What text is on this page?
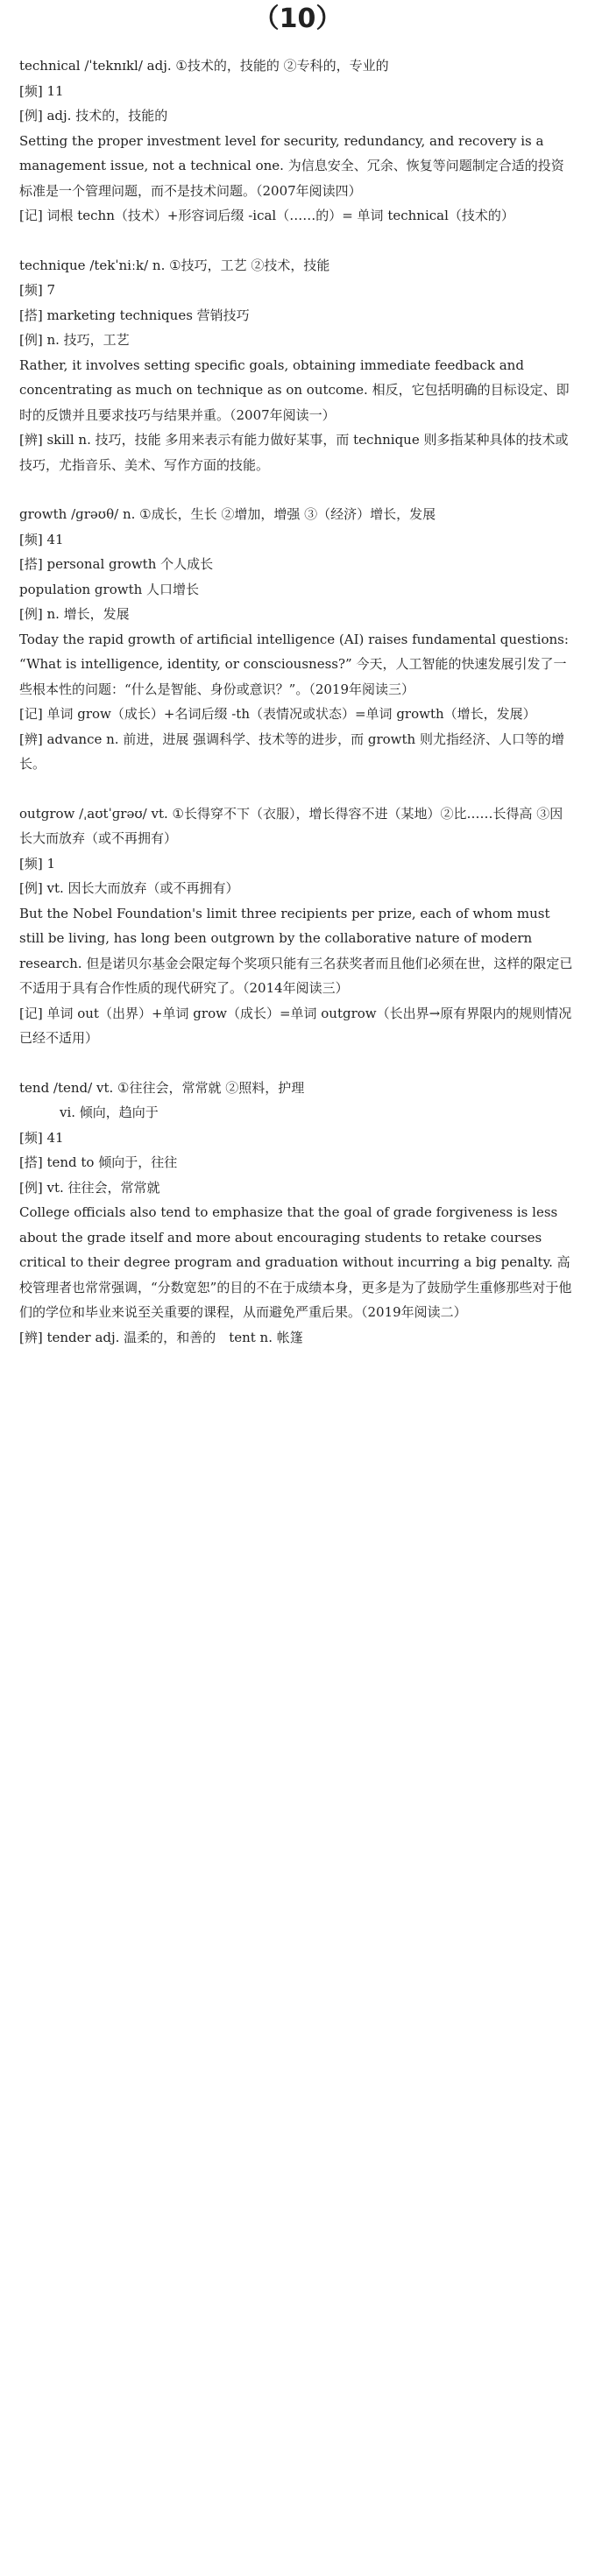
（10）

technical /ˈteknɪkl/ adj. ①技术的，技能的 ②专科的，专业的

[频] 11

[例] adj. 技术的，技能的

Setting the proper investment level for security, redundancy, and recovery is a management issue, not a technical one. 为信息安全、冗余、恢复等问题制定合适的投资标准是一个管理问题，而不是技术问题。（2007年阅读四）

[记] 词根 techn（技术）+形容词后缀 -ical（……的）= 单词 technical（技术的）

technique /tekˈniːk/ n. ①技巧，工艺 ②技术，技能

[频] 7

[搭] marketing techniques 营销技巧

[例] n. 技巧，工艺

Rather, it involves setting specific goals, obtaining immediate feedback and concentrating as much on technique as on outcome. 相反，它包括明确的目标设定、即时的反馈并且要求技巧与结果并重。（2007年阅读一）

[辨] skill n. 技巧，技能 多用来表示有能力做好某事，而 technique 则多指某种具体的技术或技巧，尤指音乐、美术、写作方面的技能。

growth /ɡrəʊθ/ n. ①成长，生长 ②增加，增强 ③（经济）增长，发展

[频] 41

[搭] personal growth 个人成长

population growth 人口增长

[例] n. 增长，发展

Today the rapid growth of artificial intelligence (AI) raises fundamental questions: “What is intelligence, identity, or consciousness?” 今天，人工智能的快速发展引发了一些根本性的问题：“什么是智能、身份或意识？”。（2019年阅读三）

[记] 单词 grow（成长）+名词后缀 -th（表情况或状态）=单词 growth（增长，发展）

[辨] advance n. 前进，进展 强调科学、技术等的进步，而 growth 则尤指经济、人口等的增长。

outgrow /ˌaʊtˈɡrəʊ/ vt. ①长得穿不下（衣服），增长得容不进（某地）②比……长得高 ③因长大而放弃（或不再拥有）

[频] 1

[例] vt. 因长大而放弃（或不再拥有）

But the Nobel Foundation's limit three recipients per prize, each of whom must still be living, has long been outgrown by the collaborative nature of modern research. 但是诺贝尔基金会限定每个奖项只能有三名获奖者而且他们必须在世，这样的限定已不适用于具有合作性质的现代研究了。（2014年阅读三）

[记] 单词 out（出界）+单词 grow（成长）=单词 outgrow（长出界→原有界限内的规则情况已经不适用）

tend /tend/ vt. ①往往会，常常就 ②照料，护理

vi. 倾向，趋向于

[频] 41

[搭] tend to 倾向于，往往

[例] vt. 往往会，常常就

College officials also tend to emphasize that the goal of grade forgiveness is less about the grade itself and more about encouraging students to retake courses critical to their degree program and graduation without incurring a big penalty. 高校管理者也常常强调，“分数宽恕”的目的不在于成绩本身，更多是为了鼓励学生重修那些对于他们的学位和毕业来说至关重要的课程，从而避免严重后果。（2019年阅读二）

[辨] tender adj. 温柔的，和善的　tent n. 帐篷
